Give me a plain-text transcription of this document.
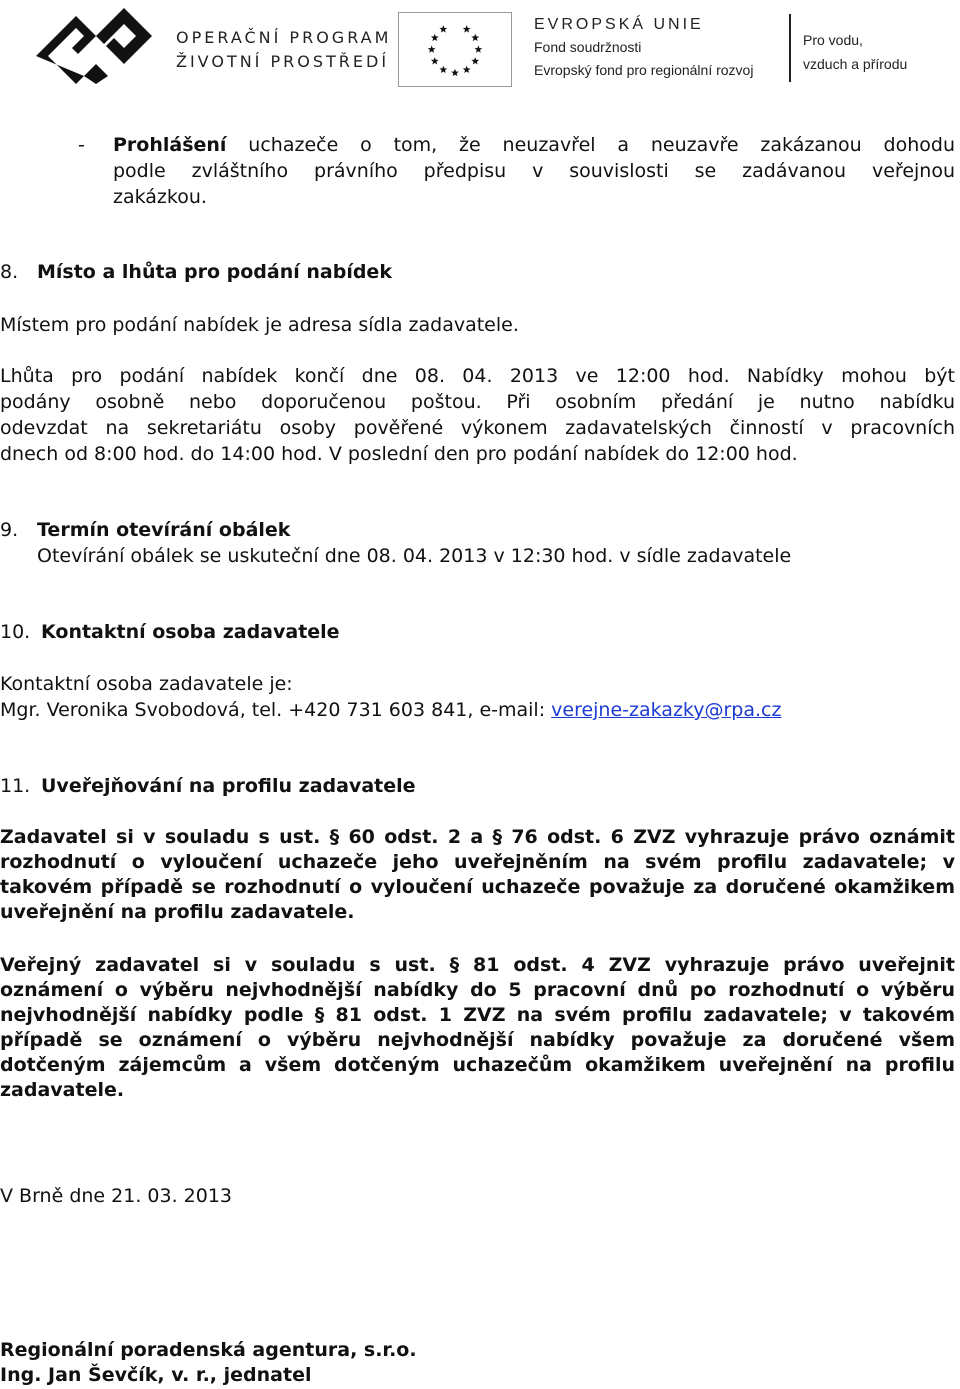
OPERAČNÍ PROGRAM
ŽIVOTNÍ PROSTŘEDÍ
EVROPSKÁ UNIE
Fond soudržnosti
Evropský fond pro regionální rozvoj
Pro vodu,
vzduch a přírodu
- Prohlášení uchazeče o tom, že neuzavřel a neuzavře zakázanou dohodu
podle zvláštního právního předpisu v souvislosti se zadávanou veřejnou
zakázkou.
8. Místo a lhůta pro podání nabídek
Místem pro podání nabídek je adresa sídla zadavatele.
Lhůta pro podání nabídek končí dne 08. 04. 2013 ve 12:00 hod. Nabídky mohou být
podány osobně nebo doporučenou poštou. Při osobním předání je nutno nabídku
odevzdat na sekretariátu osoby pověřené výkonem zadavatelských činností v pracovních
dnech od 8:00 hod. do 14:00 hod. V poslední den pro podání nabídek do 12:00 hod.
9. Termín otevírání obálek
Otevírání obálek se uskuteční dne 08. 04. 2013 v 12:30 hod. v sídle zadavatele
10. Kontaktní osoba zadavatele
Kontaktní osoba zadavatele je:
Mgr. Veronika Svobodová, tel. +420 731 603 841, e-mail: verejne-zakazky@rpa.cz
11. Uveřejňování na profilu zadavatele
Zadavatel si v souladu s ust. § 60 odst. 2 a § 76 odst. 6 ZVZ vyhrazuje právo oznámit rozhodnutí o vyloučení uchazeče jeho uveřejněním na svém profilu zadavatele; v takovém případě se rozhodnutí o vyloučení uchazeče považuje za doručené okamžikem uveřejnění na profilu zadavatele.
Veřejný zadavatel si v souladu s ust. § 81 odst. 4 ZVZ vyhrazuje právo uveřejnit oznámení o výběru nejvhodnější nabídky do 5 pracovní dnů po rozhodnutí o výběru nejvhodnější nabídky podle § 81 odst. 1 ZVZ na svém profilu zadavatele; v takovém případě se oznámení o výběru nejvhodnější nabídky považuje za doručené všem dotčeným zájemcům a všem dotčeným uchazečům okamžikem uveřejnění na profilu zadavatele.
V Brně dne 21. 03. 2013
Regionální poradenská agentura, s.r.o.
Ing. Jan Ševčík, v. r., jednatel
